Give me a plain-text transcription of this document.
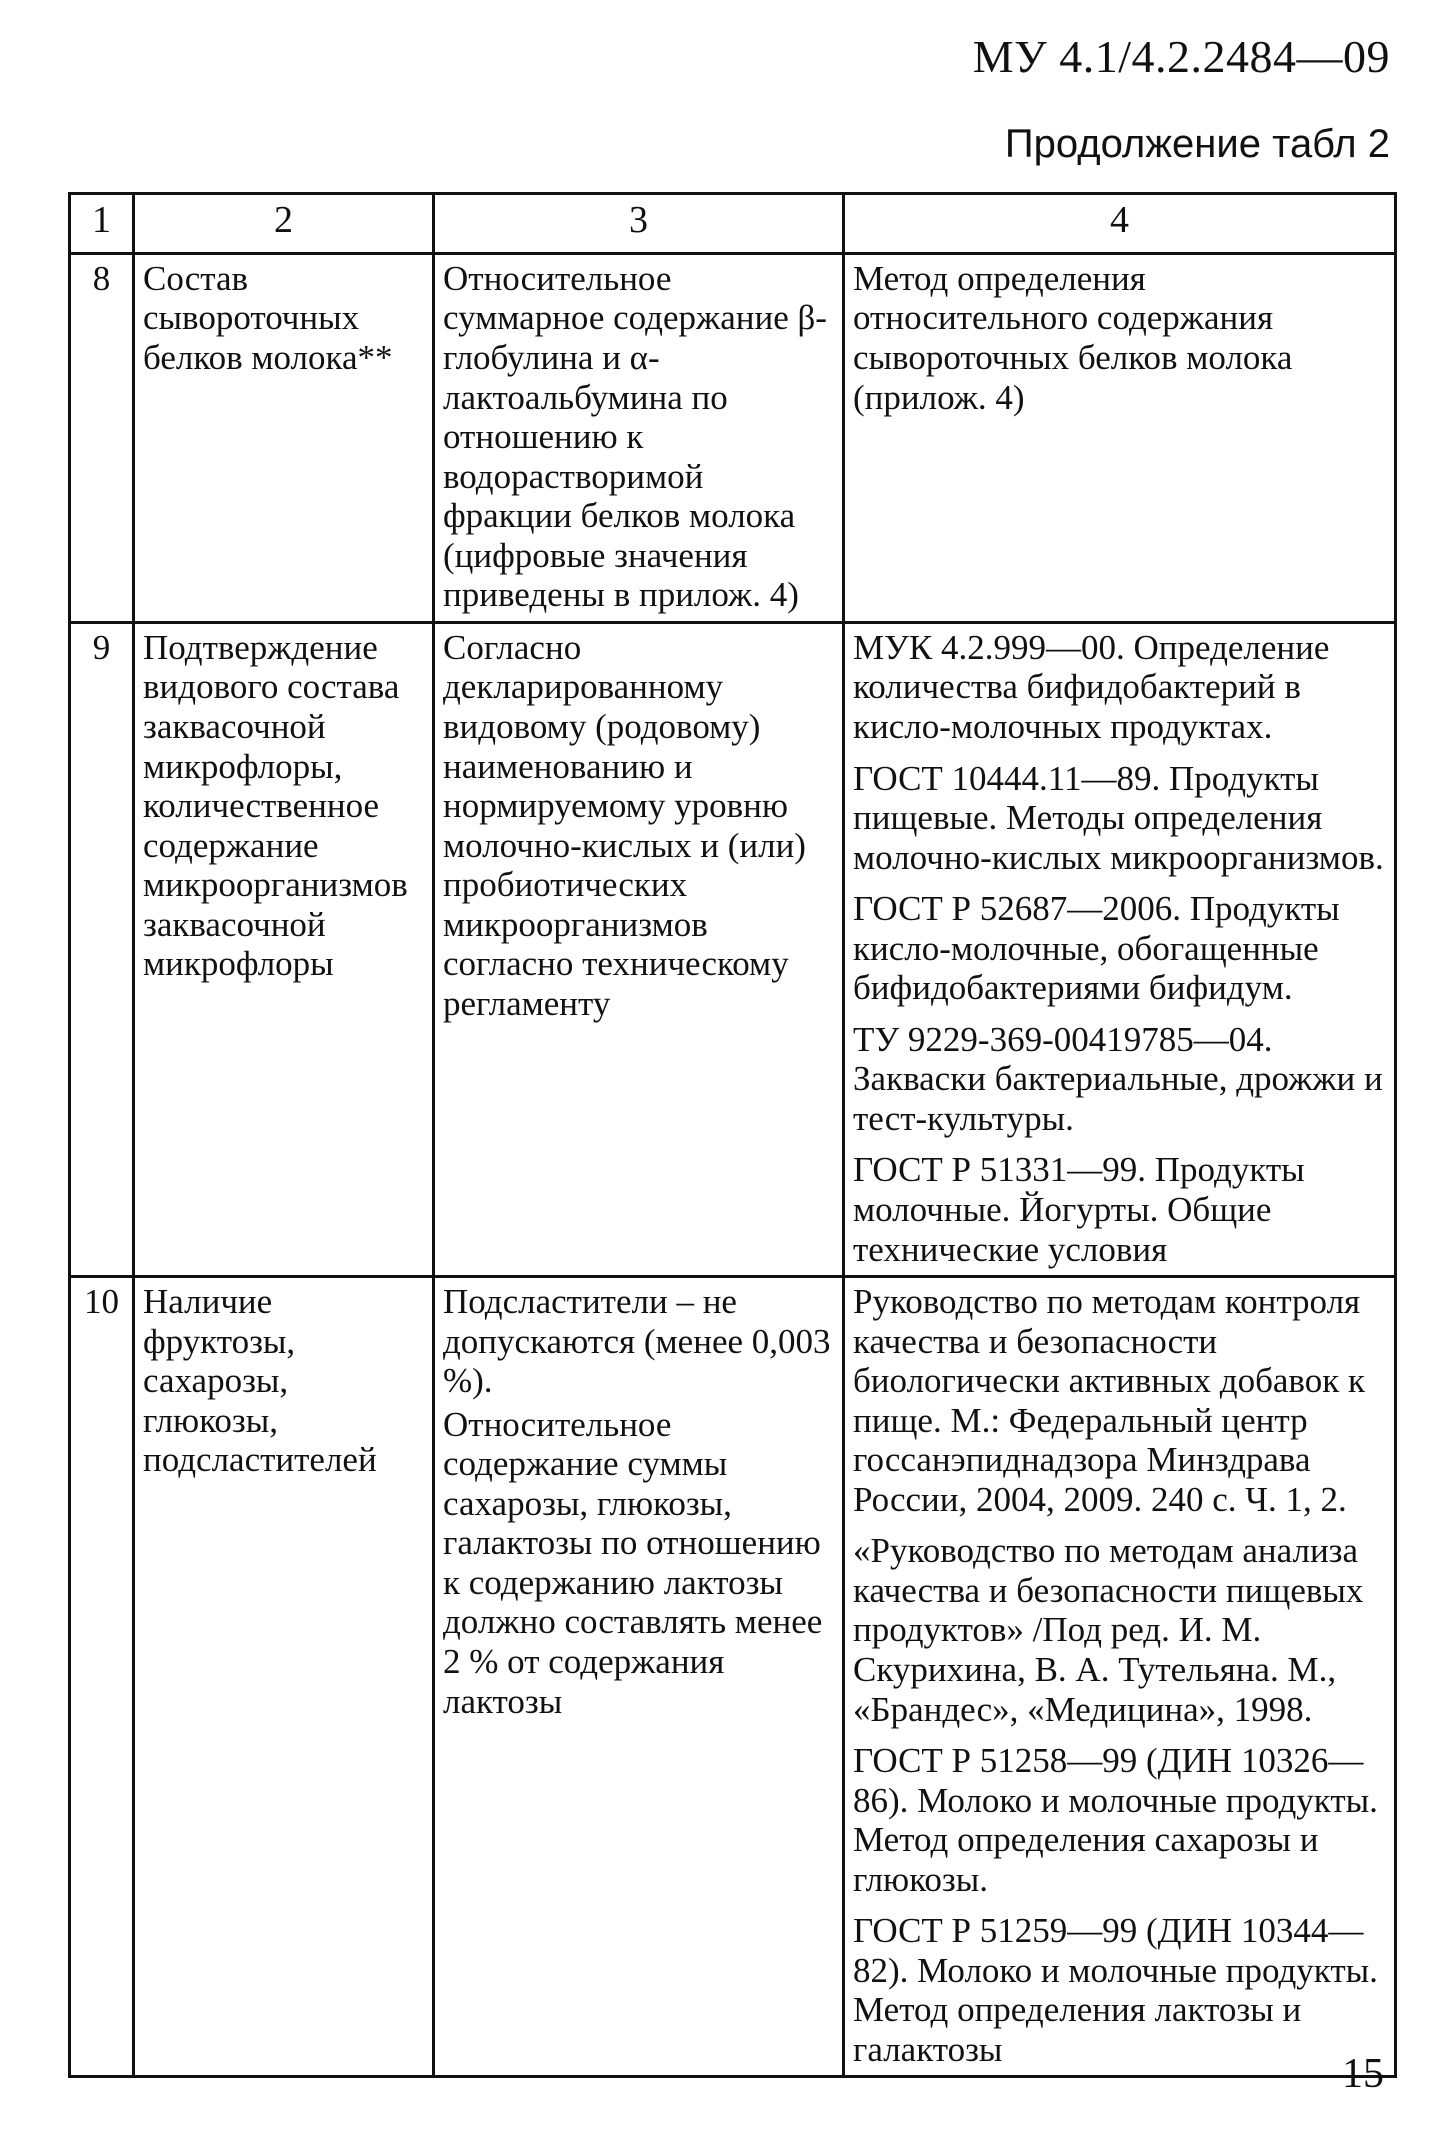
МУ 4.1/4.2.2484—09
Продолжение табл 2
1	2	3	4
8	Состав сывороточных белков молока**	Относительное суммарное содержание β-глобулина и α-лактоальбумина по отношению к водорастворимой фракции белков молока (цифровые значения приведены в прилож. 4)	Метод определения относительного содержания сывороточных белков молока (прилож. 4)

9	Подтверждение видового состава заквасочной микрофлоры, количественное содержание микроорганизмов заквасочной микрофлоры	Согласно декларированному видовому (родовому) наименованию и нормируемому уровню молочно-кислых и (или) пробиотических микроорганизмов согласно техническому регламенту	МУК 4.2.999—00. Определение количества бифидобактерий в кисло-молочных продуктах.
ГОСТ 10444.11—89. Продукты пищевые. Методы определения молочно-кислых микроорганизмов.
ГОСТ Р 52687—2006. Продукты кисло-молочные, обогащенные бифидобактериями бифидум.
ТУ 9229-369-00419785—04. Закваски бактериальные, дрожжи и тест-культуры.
ГОСТ Р 51331—99. Продукты молочные. Йогурты. Общие технические условия

10	Наличие фруктозы, сахарозы, глюкозы, подсластителей	Подсластители – не допускаются (менее 0,003 %).
Относительное содержание суммы сахарозы, глюкозы, галактозы по отношению к содержанию лактозы должно составлять менее 2 % от содержания лактозы	Руководство по методам контроля качества и безопасности биологически активных добавок к пище. М.: Федеральный центр госсанэпиднадзора Минздрава России, 2004, 2009. 240 с. Ч. 1, 2.
«Руководство по методам анализа качества и безопасности пищевых продуктов» /Под ред. И. М. Скурихина, В. А. Тутельяна. М., «Брандес», «Медицина», 1998.
ГОСТ Р 51258—99 (ДИН 10326—86). Молоко и молочные продукты. Метод определения сахарозы и глюкозы.
ГОСТ Р 51259—99 (ДИН 10344—82). Молоко и молочные продукты. Метод определения лактозы и галактозы
15
